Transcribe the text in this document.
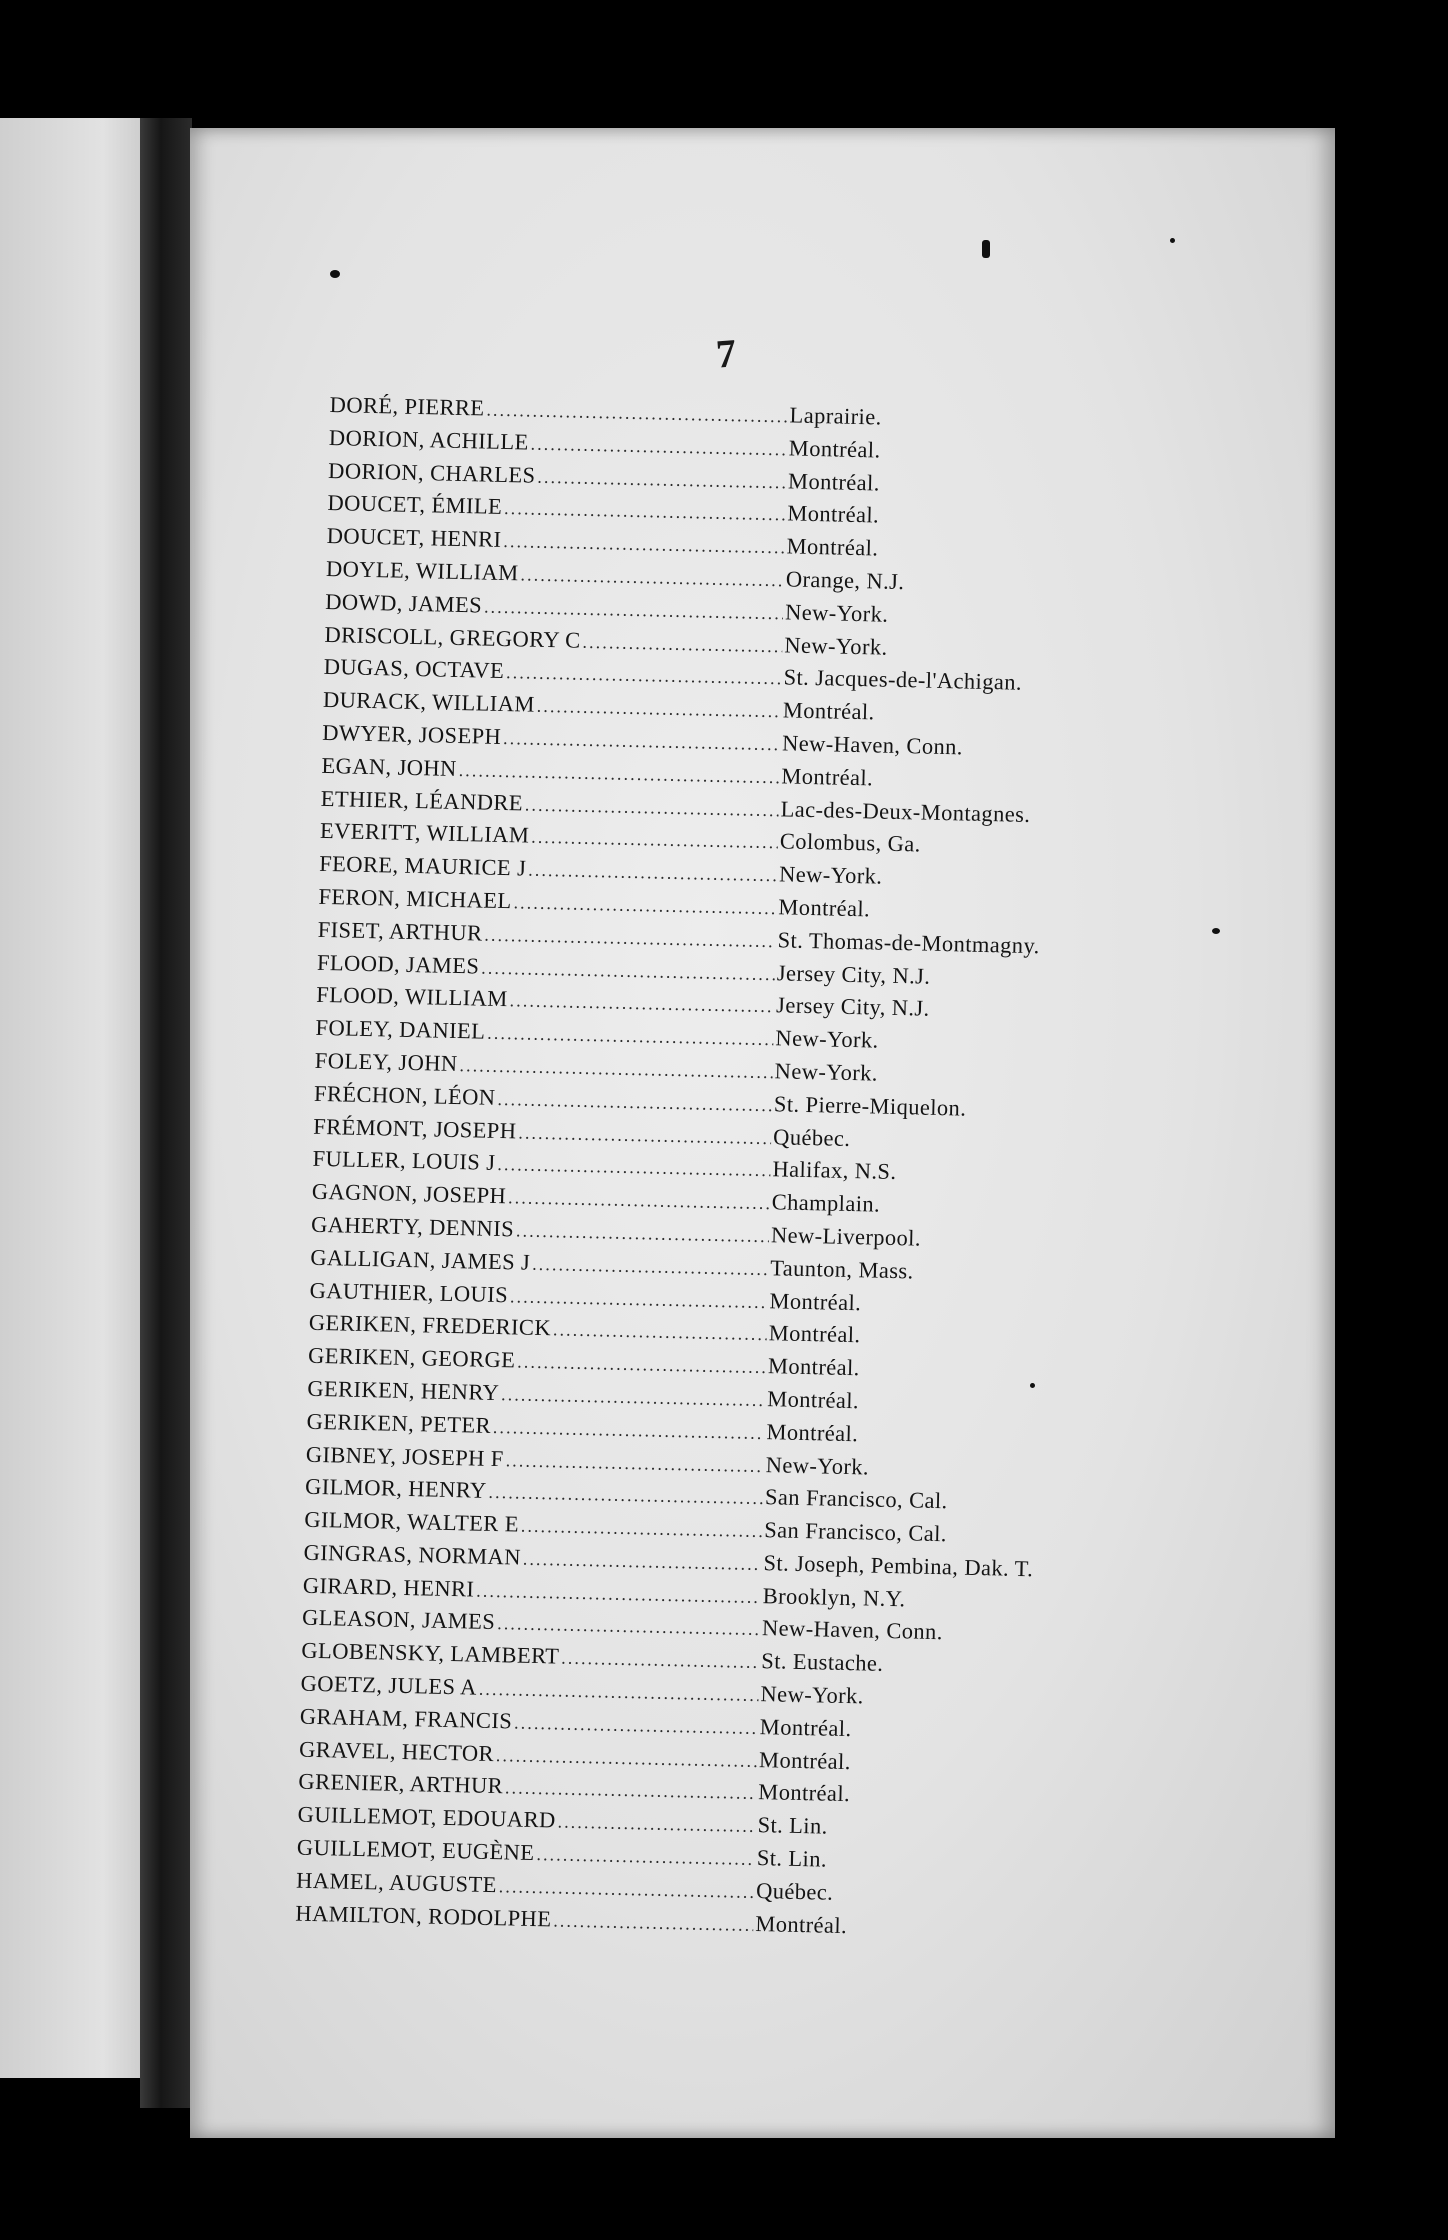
7
DORÉ, PIERRE . . .	Laprairie.
DORION, ACHILLE . . .	Montréal.
DORION, CHARLES . . .	Montréal.
DOUCET, ÉMILE . . .	Montréal.
DOUCET, HENRI . . .	Montréal.
DOYLE, WILLIAM . . .	Orange, N.J.
DOWD, JAMES . . .	New-York.
DRISCOLL, GREGORY C . . .	New-York.
DUGAS, OCTAVE . . .	St. Jacques-de-l'Achigan.
DURACK, WILLIAM . . .	Montréal.
DWYER, JOSEPH . . .	New-Haven, Conn.
EGAN, JOHN . . .	Montréal.
ETHIER, LÉANDRE . . .	Lac-des-Deux-Montagnes.
EVERITT, WILLIAM . . .	Colombus, Ga.
FEORE, MAURICE J . . .	New-York.
FERON, MICHAEL . . .	Montréal.
FISET, ARTHUR . . .	St. Thomas-de-Montmagny.
FLOOD, JAMES . . .	Jersey City, N.J.
FLOOD, WILLIAM . . .	Jersey City, N.J.
FOLEY, DANIEL . . .	New-York.
FOLEY, JOHN . . .	New-York.
FRÉCHON, LÉON . . .	St. Pierre-Miquelon.
FRÉMONT, JOSEPH . . .	Québec.
FULLER, LOUIS J . . .	Halifax, N.S.
GAGNON, JOSEPH . . .	Champlain.
GAHERTY, DENNIS . . .	New-Liverpool.
GALLIGAN, JAMES J . . .	Taunton, Mass.
GAUTHIER, LOUIS . . .	Montréal.
GERIKEN, FREDERICK . . .	Montréal.
GERIKEN, GEORGE . . .	Montréal.
GERIKEN, HENRY . . .	Montréal.
GERIKEN, PETER . . .	Montréal.
GIBNEY, JOSEPH F . . .	New-York.
GILMOR, HENRY . . .	San Francisco, Cal.
GILMOR, WALTER E . . .	San Francisco, Cal.
GINGRAS, NORMAN . . .	St. Joseph, Pembina, Dak. T.
GIRARD, HENRI . . .	Brooklyn, N.Y.
GLEASON, JAMES . . .	New-Haven, Conn.
GLOBENSKY, LAMBERT . . .	St. Eustache.
GOETZ, JULES A . . .	New-York.
GRAHAM, FRANCIS . . .	Montréal.
GRAVEL, HECTOR . . .	Montréal.
GRENIER, ARTHUR . . .	Montréal.
GUILLEMOT, EDOUARD . . .	St. Lin.
GUILLEMOT, EUGÈNE . . .	St. Lin.
HAMEL, AUGUSTE . . .	Québec.
HAMILTON, RODOLPHE . . .	Montréal.
